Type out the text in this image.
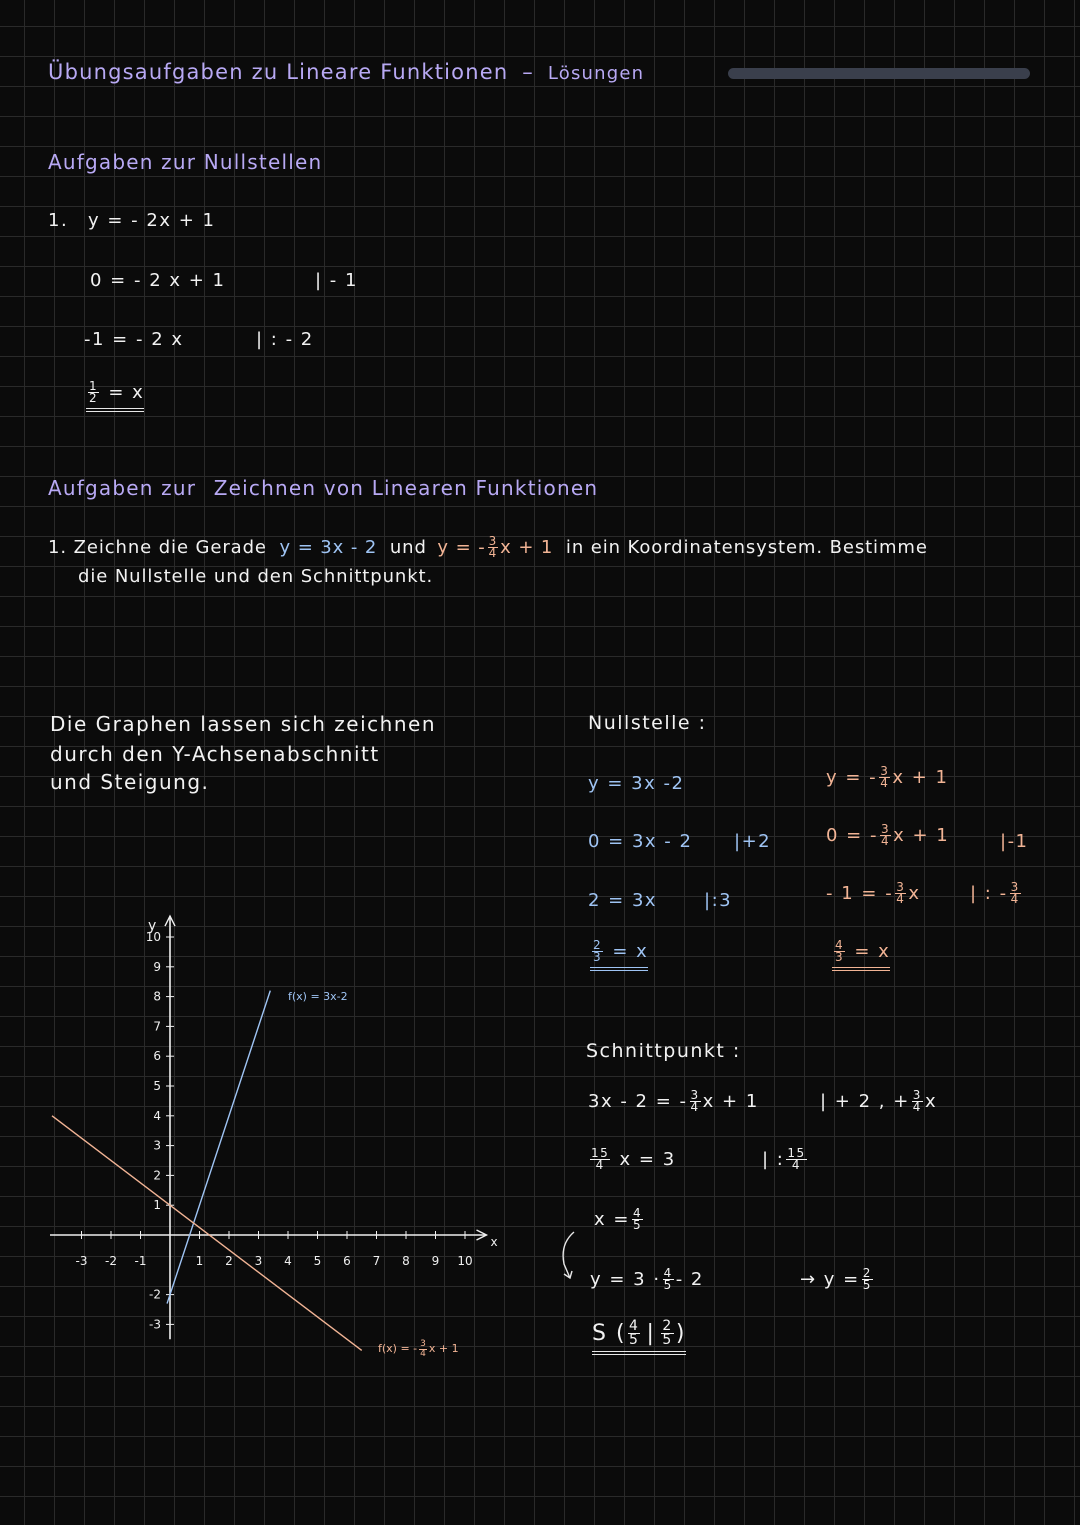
Übungsaufgaben zu Lineare Funktionen – Lösungen
Aufgaben zur Nullstellen
1. y = - 2x + 1
0 = - 2 x + 1	| - 1
-1 = - 2 x	| : - 2
$\frac{1}{2} = x$
Aufgaben zur Zeichnen von Linearen Funktionen
1. Zeichne die Gerade y = 3x - 2 und y = - $\frac{3}{4}$ x + 1 in ein Koordinatensystem. Bestimme
die Nullstelle und den Schnittpunkt.
Die Graphen lassen sich zeichnen
durch den Y-Achsenabschnitt
und Steigung.
x
y
-3 -2 -1	1 2 3 4 5 6 7 8 9 10
10
9
8
7
6
5
4
3
2
1
-2
-3
f(x) = 3x-2
f(x) = - $\frac{3}{4}$ x + 1
Nullstelle :
y = 3x -2
0 = 3x - 2 |+2
2 = 3x	|:3
$\frac{2}{3} = x$
y = - $\frac{3}{4}$ x + 1
0 = - $\frac{3}{4}$ x + 1	|-1
- 1 = - $\frac{3}{4}$ x	| : - $\frac{3}{4}$
$\frac{4}{3} = x$
Schnittpunkt :
3x - 2 = - $\frac{3}{4}$ x + 1	| + 2 , + $\frac{3}{4}$ x
$\frac{15}{4}$ x = 3	| : $\frac{15}{4}$
$x = \frac{4}{5}$
$y = 3 \cdot \frac{4}{5} - 2$	→ $y = \frac{2}{5}$
S ( $\frac{4}{5}$ | $\frac{2}{5}$ )
